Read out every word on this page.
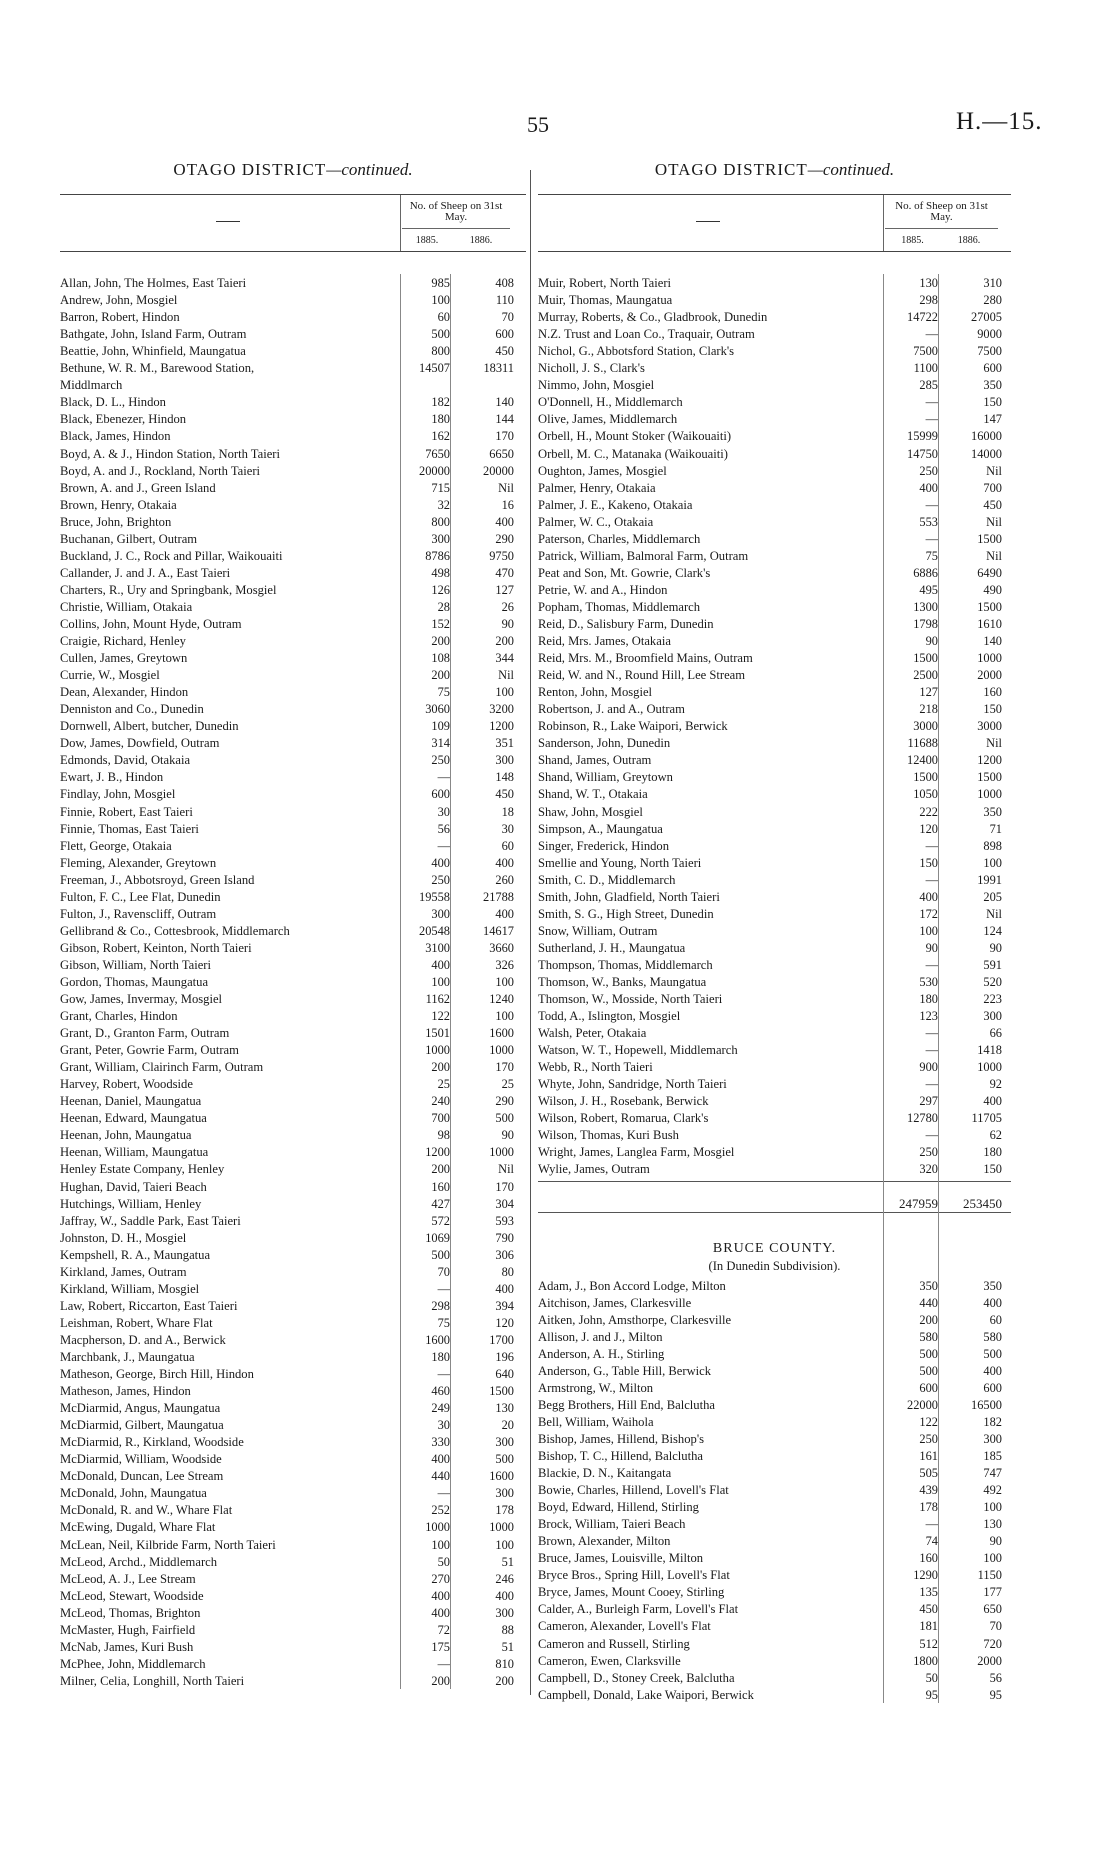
55	H.—15.
OTAGO DISTRICT—continued.
No. of Sheep on 31st May.
1885.	1886.
Allan, John, The Holmes, East Taieri	985	408
Andrew, John, Mosgiel	100	110
Barron, Robert, Hindon	60	70
Bathgate, John, Island Farm, Outram	500	600
Beattie, John, Whinfield, Maungatua	800	450
Bethune, W. R. M., Barewood Station,	14507	18311
Middlmarch
Black, D. L., Hindon	182	140
Black, Ebenezer, Hindon	180	144
Black, James, Hindon	162	170
Boyd, A. & J., Hindon Station, North Taieri	7650	6650
Boyd, A. and J., Rockland, North Taieri	20000	20000
Brown, A. and J., Green Island	715	Nil
Brown, Henry, Otakaia	32	16
Bruce, John, Brighton	800	400
Buchanan, Gilbert, Outram	300	290
Buckland, J. C., Rock and Pillar, Waikouaiti	8786	9750
Callander, J. and J. A., East Taieri	498	470
Charters, R., Ury and Springbank, Mosgiel	126	127
Christie, William, Otakaia	28	26
Collins, John, Mount Hyde, Outram	152	90
Craigie, Richard, Henley	200	200
Cullen, James, Greytown	108	344
Currie, W., Mosgiel	200	Nil
Dean, Alexander, Hindon	75	100
Denniston and Co., Dunedin	3060	3200
Dornwell, Albert, butcher, Dunedin	109	1200
Dow, James, Dowfield, Outram	314	351
Edmonds, David, Otakaia	250	300
Ewart, J. B., Hindon	—	148
Findlay, John, Mosgiel	600	450
Finnie, Robert, East Taieri	30	18
Finnie, Thomas, East Taieri	56	30
Flett, George, Otakaia	—	60
Fleming, Alexander, Greytown	400	400
Freeman, J., Abbotsroyd, Green Island	250	260
Fulton, F. C., Lee Flat, Dunedin	19558	21788
Fulton, J., Ravenscliff, Outram	300	400
Gellibrand & Co., Cottesbrook, Middlemarch	20548	14617
Gibson, Robert, Keinton, North Taieri	3100	3660
Gibson, William, North Taieri	400	326
Gordon, Thomas, Maungatua	100	100
Gow, James, Invermay, Mosgiel	1162	1240
Grant, Charles, Hindon	122	100
Grant, D., Granton Farm, Outram	1501	1600
Grant, Peter, Gowrie Farm, Outram	1000	1000
Grant, William, Clairinch Farm, Outram	200	170
Harvey, Robert, Woodside	25	25
Heenan, Daniel, Maungatua	240	290
Heenan, Edward, Maungatua	700	500
Heenan, John, Maungatua	98	90
Heenan, William, Maungatua	1200	1000
Henley Estate Company, Henley	200	Nil
Hughan, David, Taieri Beach	160	170
Hutchings, William, Henley	427	304
Jaffray, W., Saddle Park, East Taieri	572	593
Johnston, D. H., Mosgiel	1069	790
Kempshell, R. A., Maungatua	500	306
Kirkland, James, Outram	70	80
Kirkland, William, Mosgiel	—	400
Law, Robert, Riccarton, East Taieri	298	394
Leishman, Robert, Whare Flat	75	120
Macpherson, D. and A., Berwick	1600	1700
Marchbank, J., Maungatua	180	196
Matheson, George, Birch Hill, Hindon	—	640
Matheson, James, Hindon	460	1500
McDiarmid, Angus, Maungatua	249	130
McDiarmid, Gilbert, Maungatua	30	20
McDiarmid, R., Kirkland, Woodside	330	300
McDiarmid, William, Woodside	400	500
McDonald, Duncan, Lee Stream	440	1600
McDonald, John, Maungatua	—	300
McDonald, R. and W., Whare Flat	252	178
McEwing, Dugald, Whare Flat	1000	1000
McLean, Neil, Kilbride Farm, North Taieri	100	100
McLeod, Archd., Middlemarch	50	51
McLeod, A. J., Lee Stream	270	246
McLeod, Stewart, Woodside	400	400
McLeod, Thomas, Brighton	400	300
McMaster, Hugh, Fairfield	72	88
McNab, James, Kuri Bush	175	51
McPhee, John, Middlemarch	—	810
Milner, Celia, Longhill, North Taieri	200	200
OTAGO DISTRICT—continued.
No. of Sheep on 31st May.
1885.	1886.
Muir, Robert, North Taieri	130	310
Muir, Thomas, Maungatua	298	280
Murray, Roberts, & Co., Gladbrook, Dunedin	14722	27005
N.Z. Trust and Loan Co., Traquair, Outram	—	9000
Nichol, G., Abbotsford Station, Clark's	7500	7500
Nicholl, J. S., Clark's	1100	600
Nimmo, John, Mosgiel	285	350
O'Donnell, H., Middlemarch	—	150
Olive, James, Middlemarch	—	147
Orbell, H., Mount Stoker (Waikouaiti)	15999	16000
Orbell, M. C., Matanaka (Waikouaiti)	14750	14000
Oughton, James, Mosgiel	250	Nil
Palmer, Henry, Otakaia	400	700
Palmer, J. E., Kakeno, Otakaia	—	450
Palmer, W. C., Otakaia	553	Nil
Paterson, Charles, Middlemarch	—	1500
Patrick, William, Balmoral Farm, Outram	75	Nil
Peat and Son, Mt. Gowrie, Clark's	6886	6490
Petrie, W. and A., Hindon	495	490
Popham, Thomas, Middlemarch	1300	1500
Reid, D., Salisbury Farm, Dunedin	1798	1610
Reid, Mrs. James, Otakaia	90	140
Reid, Mrs. M., Broomfield Mains, Outram	1500	1000
Reid, W. and N., Round Hill, Lee Stream	2500	2000
Renton, John, Mosgiel	127	160
Robertson, J. and A., Outram	218	150
Robinson, R., Lake Waipori, Berwick	3000	3000
Sanderson, John, Dunedin	11688	Nil
Shand, James, Outram	12400	1200
Shand, William, Greytown	1500	1500
Shand, W. T., Otakaia	1050	1000
Shaw, John, Mosgiel	222	350
Simpson, A., Maungatua	120	71
Singer, Frederick, Hindon	—	898
Smellie and Young, North Taieri	150	100
Smith, C. D., Middlemarch	—	1991
Smith, John, Gladfield, North Taieri	400	205
Smith, S. G., High Street, Dunedin	172	Nil
Snow, William, Outram	100	124
Sutherland, J. H., Maungatua	90	90
Thompson, Thomas, Middlemarch	—	591
Thomson, W., Banks, Maungatua	530	520
Thomson, W., Mosside, North Taieri	180	223
Todd, A., Islington, Mosgiel	123	300
Walsh, Peter, Otakaia	—	66
Watson, W. T., Hopewell, Middlemarch	—	1418
Webb, R., North Taieri	900	1000
Whyte, John, Sandridge, North Taieri	—	92
Wilson, J. H., Rosebank, Berwick	297	400
Wilson, Robert, Romarua, Clark's	12780	11705
Wilson, Thomas, Kuri Bush	—	62
Wright, James, Langlea Farm, Mosgiel	250	180
Wylie, James, Outram	320	150
247959	253450
BRUCE COUNTY.
(In Dunedin Subdivision).
Adam, J., Bon Accord Lodge, Milton	350	350
Aitchison, James, Clarkesville	440	400
Aitken, John, Amsthorpe, Clarkesville	200	60
Allison, J. and J., Milton	580	580
Anderson, A. H., Stirling	500	500
Anderson, G., Table Hill, Berwick	500	400
Armstrong, W., Milton	600	600
Begg Brothers, Hill End, Balclutha	22000	16500
Bell, William, Waihola	122	182
Bishop, James, Hillend, Bishop's	250	300
Bishop, T. C., Hillend, Balclutha	161	185
Blackie, D. N., Kaitangata	505	747
Bowie, Charles, Hillend, Lovell's Flat	439	492
Boyd, Edward, Hillend, Stirling	178	100
Brock, William, Taieri Beach	—	130
Brown, Alexander, Milton	74	90
Bruce, James, Louisville, Milton	160	100
Bryce Bros., Spring Hill, Lovell's Flat	1290	1150
Bryce, James, Mount Cooey, Stirling	135	177
Calder, A., Burleigh Farm, Lovell's Flat	450	650
Cameron, Alexander, Lovell's Flat	181	70
Cameron and Russell, Stirling	512	720
Cameron, Ewen, Clarksville	1800	2000
Campbell, D., Stoney Creek, Balclutha	50	56
Campbell, Donald, Lake Waipori, Berwick	95	95
